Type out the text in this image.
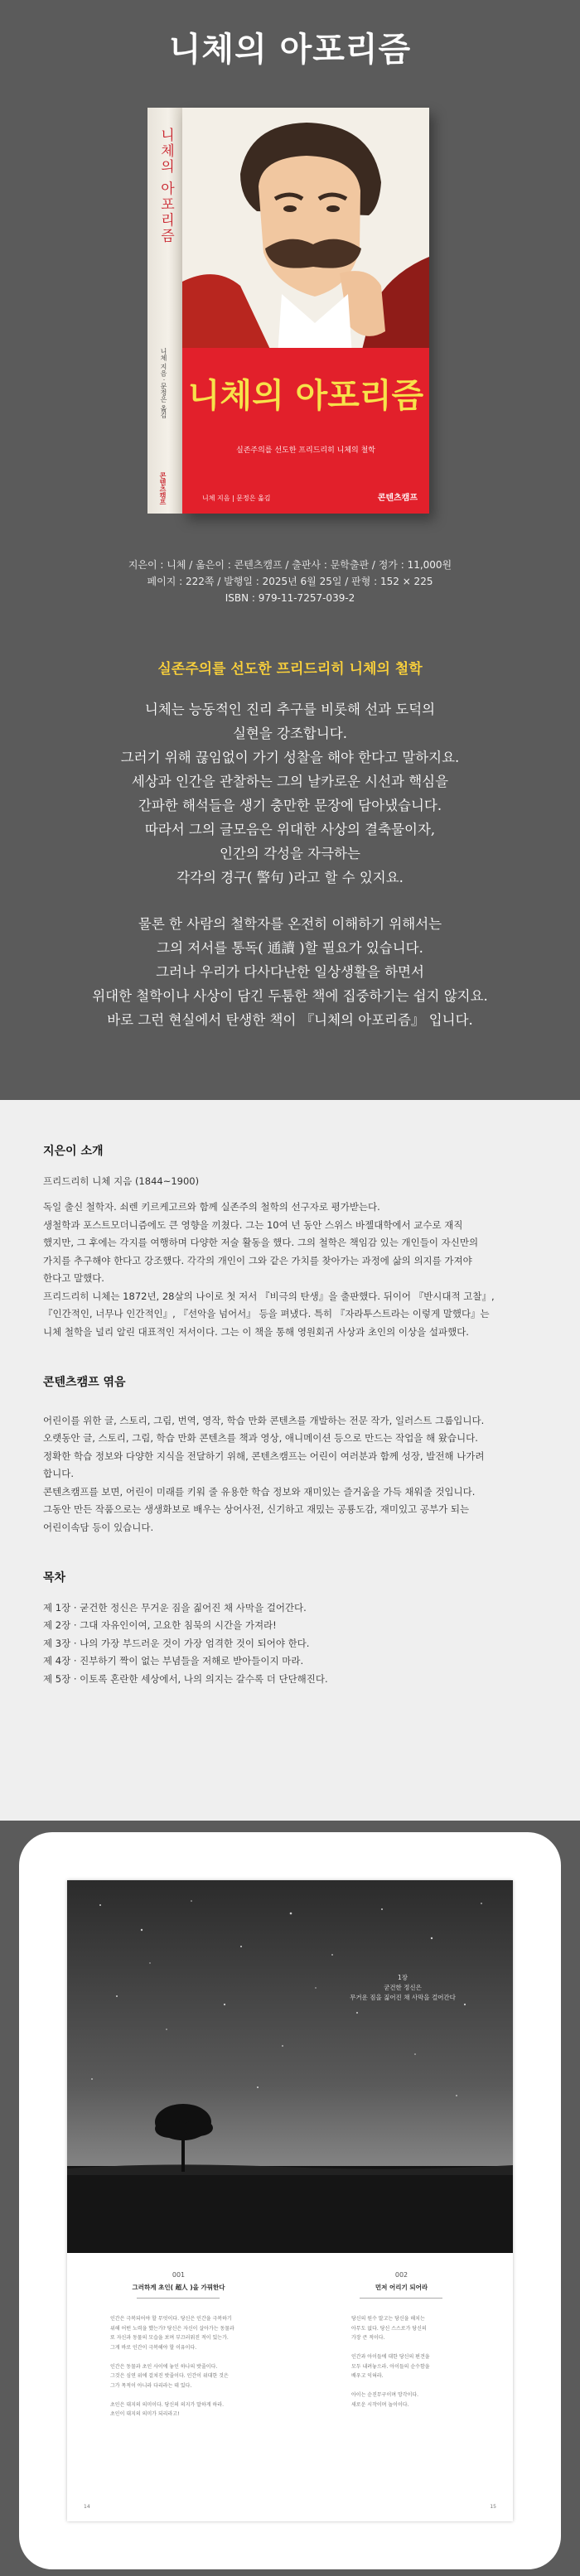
니체의 아포리즘
니체의 아포리즘
니체 지음 · 문정은 옮김
콘텐츠캠프
니체의 아포리즘
실존주의를 선도한 프리드리히 니체의 철학
니체 지음 | 문정은 옮김	콘텐츠캠프
지은이 : 니체 / 옮은이 : 콘텐츠캠프 / 출판사 : 문학출판 / 정가 : 11,000원
페이지 : 222쪽 / 발행일 : 2025년 6월 25일 / 판형 : 152 × 225
ISBN : 979-11-7257-039-2
실존주의를 선도한 프리드리히 니체의 철학

니체는 능동적인 진리 추구를 비롯해 선과 도덕의
실현을 강조합니다.
그러기 위해 끊임없이 가기 성찰을 해야 한다고 말하지요.
세상과 인간을 관찰하는 그의 날카로운 시선과 핵심을
간파한 해석들을 생기 충만한 문장에 담아냈습니다.
따라서 그의 글모음은 위대한 사상의 결축물이자,
인간의 각성을 자극하는
각각의 경구( 警句 )라고 할 수 있지요.

물론 한 사람의 철학자를 온전히 이해하기 위해서는
그의 저서를 통독( 通讀 )할 필요가 있습니다.
그러나 우리가 다사다난한 일상생활을 하면서
위대한 철학이나 사상이 담긴 두툼한 책에 집중하기는 쉽지 않지요.
바로 그런 현실에서 탄생한 책이 『니체의 아포리즘』 입니다.

지은이 소개
프리드리히 니체 지음 (1844~1900)
독일 출신 철학자. 쇠렌 키르케고르와 함께 실존주의 철학의 선구자로 평가받는다.
생철학과 포스트모더니즘에도 큰 영향을 끼쳤다. 그는 10여 년 동안 스위스 바젤대학에서 교수로 재직
했지만, 그 후에는 각지를 여행하며 다양한 저술 활동을 했다. 그의 철학은 책임감 있는 개인들이 자신만의
가치를 추구해야 한다고 강조했다. 각각의 개인이 그와 같은 가치를 찾아가는 과정에 삶의 의지를 가져야
한다고 말했다.
프리드리히 니체는 1872년, 28살의 나이로 첫 저서 『비극의 탄생』을 출판했다. 뒤이어 『반시대적 고찰』,
『인간적인, 너무나 인간적인』, 『선악을 넘어서』 등을 펴냈다. 특히 『자라투스트라는 이렇게 말했다』는
니체 철학을 널리 알린 대표적인 저서이다. 그는 이 책을 통해 영원회귀 사상과 초인의 이상을 설파했다.
콘텐츠캠프 엮음
어린이를 위한 글, 스토리, 그림, 번역, 영작, 학습 만화 콘텐츠를 개발하는 전문 작가, 일러스트 그룹입니다.
오랫동안 글, 스토리, 그림, 학습 만화 콘텐츠를 책과 영상, 애니메이션 등으로 만드는 작업을 해 왔습니다.
정확한 학습 정보와 다양한 지식을 전달하기 위해, 콘텐츠캠프는 어린이 여러분과 함께 성장, 발전해 나가려
합니다.
콘텐츠캠프를 보면, 어린이 미래를 키워 줄 유용한 학습 정보와 재미있는 즐거움을 가득 채워줄 것입니다.
그동안 만든 작품으로는 생생화보로 배우는 상어사전, 신기하고 재밌는 공룡도감, 재미있고 공부가 되는
어린이속담 등이 있습니다.
목차
제 1장 · 굳건한 정신은 무거운 짐을 짊어진 채 사막을 걸어간다.
제 2장 · 그대 자유인이여, 고요한 침묵의 시간을 가져라!
제 3장 · 나의 가장 부드러운 것이 가장 엄격한 것이 되어야 한다.
제 4장 · 진부하기 짝이 없는 부념들을 저해로 받아들이지 마라.
제 5장 · 이토록 혼란한 세상에서, 나의 의지는 갈수록 더 단단해진다.
1장
굳건한 정신은
무거운 짐을 짊어진 채 사막을 걸어간다
001
그러하게 초인( 超人 )을 가꿔한다
인간은 극복되어야 할 무엇이다. 당신은 인간을 극복하기
위해 어떤 노력을 했는가? 당신은 자신이 살아가는 동물과
또 자신과 동물의 모습을 보며 부끄러워진 적이 있는가.
그게 바로 인간이 극복해야 할 이유이다.

인간은 동물과 초인 사이에 놓인 하나의 밧줄이다.
그것은 심연 위에 걸쳐진 밧줄이다. 인간이 위대한 것은
그가 목적이 아니라 다리라는 데 있다.

초인은 대지의 의미이다. 당신의 의지가 말하게 하라.
초인이 대지의 의미가 되리라고!
14
002
먼저 어리기 되어라
당신의 원수 말고는 당신을 해치는
아무도 없다. 당신 스스로가 당신의
가장 큰 적이다.

인간과 아이들에 대한 당신의 편견을
모두 내려놓으라. 아이들의 순수함을
배우고 익혀라.

아이는 순진무구이며 망각이다.
새로운 시작이며 놀이이다.
15
